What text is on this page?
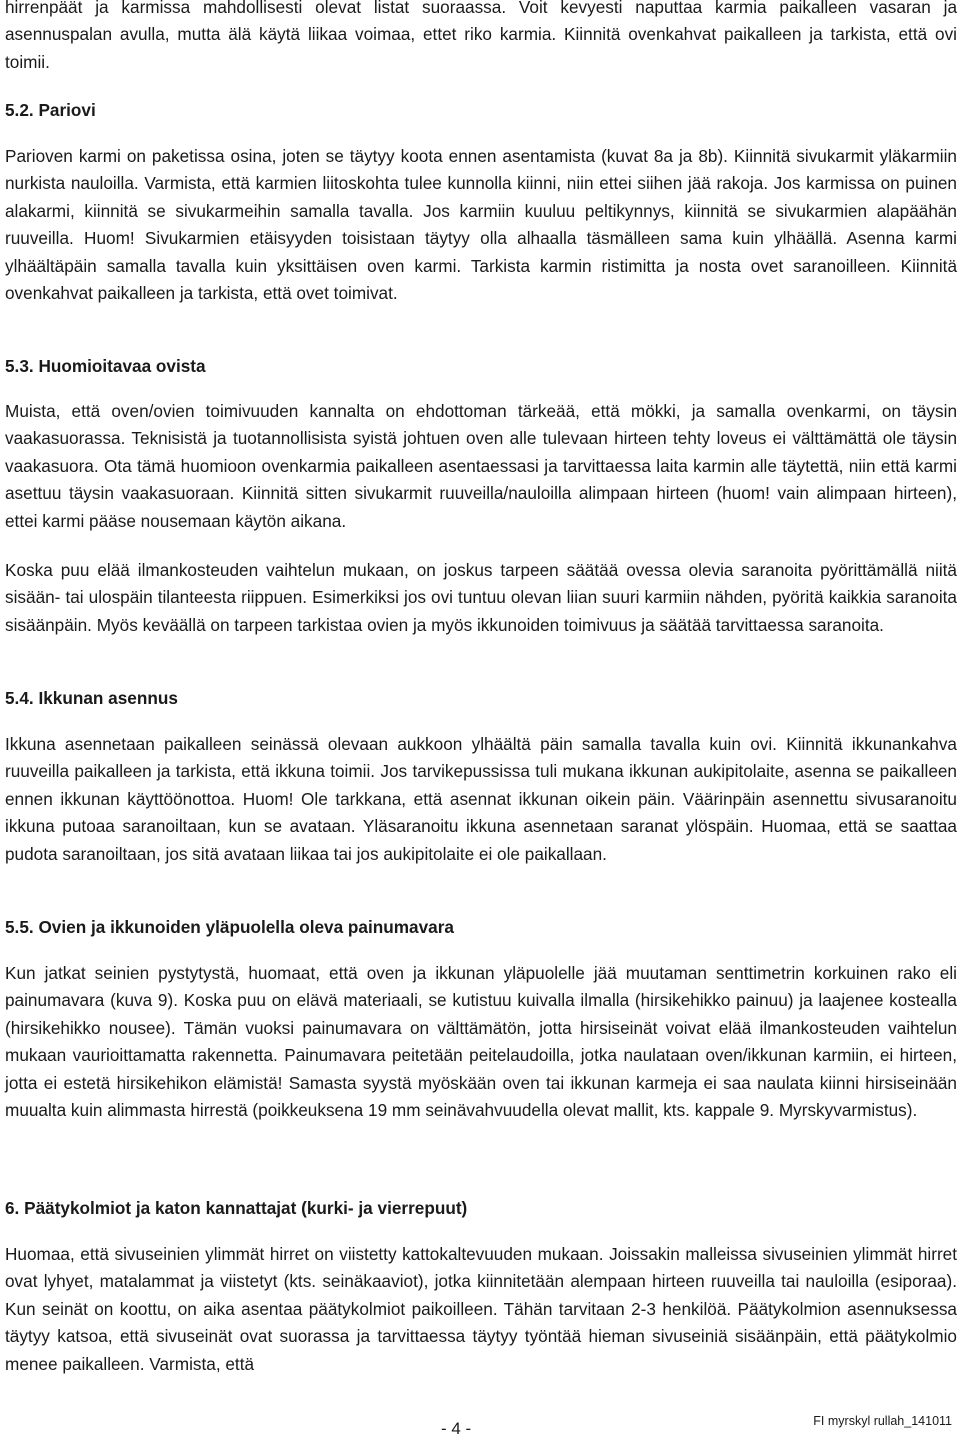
hirrenpäät ja karmissa mahdollisesti olevat listat suoraassa. Voit kevyesti naputtaa karmia paikalleen vasaran ja asennuspalan avulla, mutta älä käytä liikaa voimaa, ettet riko karmia. Kiinnitä ovenkahvat paikalleen ja tarkista, että ovi toimii.

5.2. Pariovi

Parioven karmi on paketissa osina, joten se täytyy koota ennen asentamista (kuvat 8a ja 8b). Kiinnitä sivukarmit yläkarmiin nurkista nauloilla. Varmista, että karmien liitoskohta tulee kunnolla kiinni, niin ettei siihen jää rakoja. Jos karmissa on puinen alakarmi, kiinnitä se sivukarmeihin samalla tavalla. Jos karmiin kuuluu peltikynnys, kiinnitä se sivukarmien alapäähän ruuveilla. Huom! Sivukarmien etäisyyden toisistaan täytyy olla alhaalla täsmälleen sama kuin ylhäällä. Asenna karmi ylhäältäpäin samalla tavalla kuin yksittäisen oven karmi. Tarkista karmin ristimitta ja nosta ovet saranoilleen. Kiinnitä ovenkahvat paikalleen ja tarkista, että ovet toimivat.

5.3. Huomioitavaa ovista

Muista, että oven/ovien toimivuuden kannalta on ehdottoman tärkeää, että mökki, ja samalla ovenkarmi, on täysin vaakasuorassa. Teknisistä ja tuotannollisista syistä johtuen oven alle tulevaan hirteen tehty loveus ei välttämättä ole täysin vaakasuora. Ota tämä huomioon ovenkarmia paikalleen asentaessasi ja tarvittaessa laita karmin alle täytettä, niin että karmi asettuu täysin vaakasuoraan. Kiinnitä sitten sivukarmit ruuveilla/nauloilla alimpaan hirteen (huom! vain alimpaan hirteen), ettei karmi pääse nousemaan käytön aikana.

Koska puu elää ilmankosteuden vaihtelun mukaan, on joskus tarpeen säätää ovessa olevia saranoita pyörittämällä niitä sisään- tai ulospäin tilanteesta riippuen. Esimerkiksi jos ovi tuntuu olevan liian suuri karmiin nähden, pyöritä kaikkia saranoita sisäänpäin. Myös keväällä on tarpeen tarkistaa ovien ja myös ikkunoiden toimivuus ja säätää tarvittaessa saranoita.

5.4. Ikkunan asennus

Ikkuna asennetaan paikalleen seinässä olevaan aukkoon ylhäältä päin samalla tavalla kuin ovi. Kiinnitä ikkunankahva ruuveilla paikalleen ja tarkista, että ikkuna toimii. Jos tarvikepussissa tuli mukana ikkunan aukipitolaite, asenna se paikalleen ennen ikkunan käyttöönottoa. Huom! Ole tarkkana, että asennat ikkunan oikein päin. Väärinpäin asennettu sivusaranoitu ikkuna putoaa saranoiltaan, kun se avataan. Yläsaranoitu ikkuna asennetaan saranat ylöspäin. Huomaa, että se saattaa pudota saranoiltaan, jos sitä avataan liikaa tai jos aukipitolaite ei ole paikallaan.

5.5. Ovien ja ikkunoiden yläpuolella oleva painumavara

Kun jatkat seinien pystytystä, huomaat, että oven ja ikkunan yläpuolelle jää muutaman senttimetrin korkuinen rako eli painumavara (kuva 9). Koska puu on elävä materiaali, se kutistuu kuivalla ilmalla (hirsikehikko painuu) ja laajenee kostealla (hirsikehikko nousee). Tämän vuoksi painumavara on välttämätön, jotta hirsiseinät voivat elää ilmankosteuden vaihtelun mukaan vaurioittamatta rakennetta. Painumavara peitetään peitelaudoilla, jotka naulataan oven/ikkunan karmiin, ei hirteen, jotta ei estetä hirsikehikon elämistä! Samasta syystä myöskään oven tai ikkunan karmeja ei saa naulata kiinni hirsiseinään muualta kuin alimmasta hirrestä (poikkeuksena 19 mm seinävahvuudella olevat mallit, kts. kappale 9. Myrskyvarmistus).

6. Päätykolmiot ja katon kannattajat (kurki- ja vierrepuut)

Huomaa, että sivuseinien ylimmät hirret on viistetty kattokaltevuuden mukaan. Joissakin malleissa sivuseinien ylimmät hirret ovat lyhyet, matalammat ja viistetyt (kts. seinäkaaviot), jotka kiinnitetään alempaan hirteen ruuveilla tai nauloilla (esiporaa). Kun seinät on koottu, on aika asentaa päätykolmiot paikoilleen. Tähän tarvitaan 2-3 henkilöä. Päätykolmion asennuksessa täytyy katsoa, että sivuseinät ovat suorassa ja tarvittaessa täytyy työntää hieman sivuseiniä sisäänpäin, että päätykolmio menee paikalleen. Varmista, että

- 4 -	FI myrskyl rullah_141011
